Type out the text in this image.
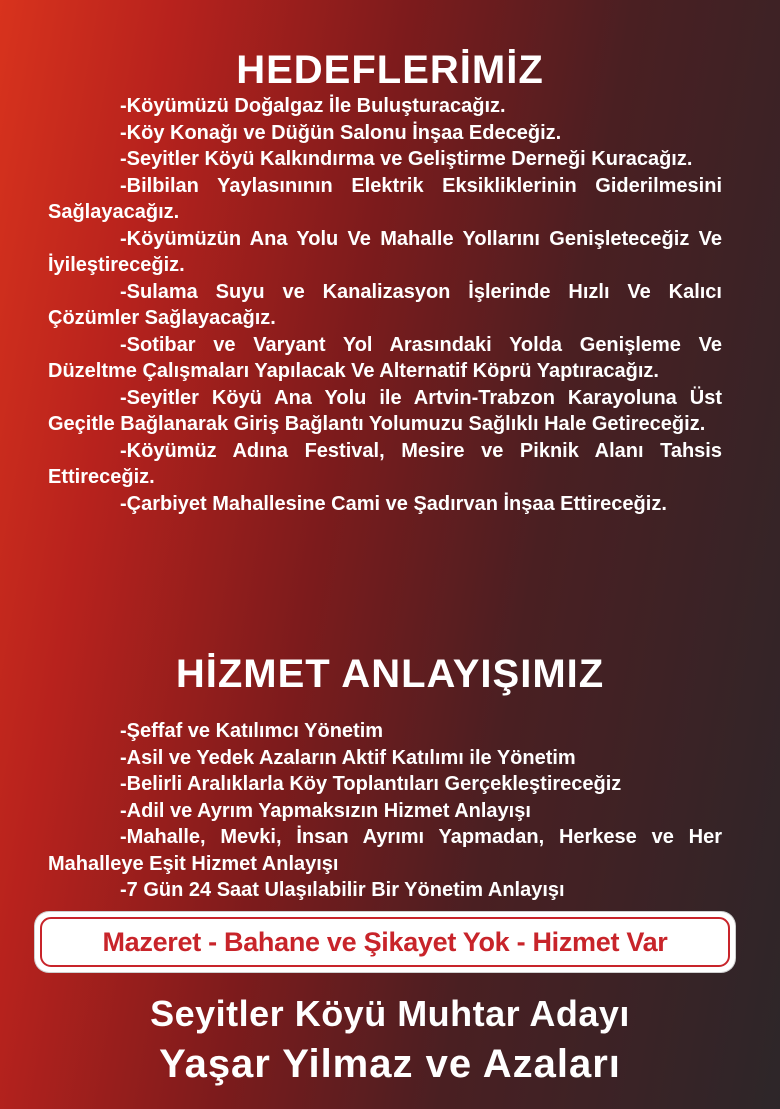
HEDEFLERİMİZ
-Köyümüzü Doğalgaz İle Buluşturacağız.
-Köy Konağı ve Düğün Salonu İnşaa Edeceğiz.
-Seyitler Köyü Kalkındırma ve Geliştirme Derneği Kuracağız.
-Bilbilan Yaylasınının Elektrik Eksikliklerinin Giderilmesini Sağlayacağız.
-Köyümüzün Ana Yolu Ve Mahalle Yollarını Genişleteceğiz Ve İyileştireceğiz.
-Sulama Suyu ve Kanalizasyon İşlerinde Hızlı Ve Kalıcı Çözümler Sağlayacağız.
-Sotibar ve Varyant Yol Arasındaki Yolda Genişleme Ve Düzeltme Çalışmaları Yapılacak Ve Alternatif Köprü Yaptıracağız.
-Seyitler Köyü Ana Yolu ile Artvin-Trabzon Karayoluna Üst Geçitle Bağlanarak Giriş Bağlantı Yolumuzu Sağlıklı Hale Getireceğiz.
-Köyümüz Adına Festival, Mesire ve Piknik Alanı Tahsis Ettireceğiz.
-Çarbiyet Mahallesine Cami ve Şadırvan İnşaa Ettireceğiz.
HİZMET ANLAYIŞIMIZ
-Şeffaf ve Katılımcı Yönetim
-Asil ve Yedek Azaların Aktif Katılımı ile Yönetim
-Belirli Aralıklarla Köy Toplantıları Gerçekleştireceğiz
-Adil ve Ayrım Yapmaksızın Hizmet Anlayışı
-Mahalle, Mevki, İnsan Ayrımı Yapmadan, Herkese ve Her Mahalleye Eşit Hizmet Anlayışı
-7 Gün 24 Saat Ulaşılabilir Bir Yönetim Anlayışı
Mazeret - Bahane ve Şikayet Yok - Hizmet Var

Seyitler Köyü Muhtar Adayı

Yaşar Yilmaz ve Azaları
